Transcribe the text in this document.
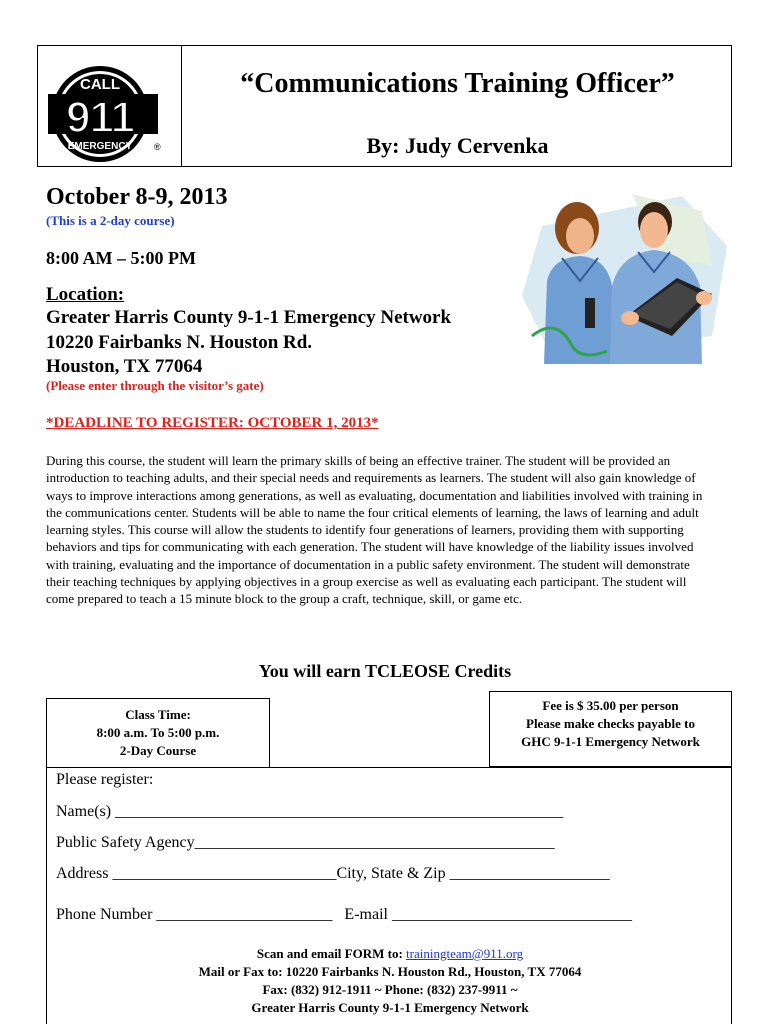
CALL
911
EMERGENCY ®
“Communications Training Officer”
By: Judy Cervenka
October 8-9, 2013
(This is a 2-day course)
8:00 AM – 5:00 PM
Location:
Greater Harris County 9-1-1 Emergency Network
10220 Fairbanks N. Houston Rd.
Houston, TX 77064
(Please enter through the visitor’s gate)
*DEADLINE TO REGISTER: OCTOBER 1, 2013*
During this course, the student will learn the primary skills of being an effective trainer. The student will be provided an introduction to teaching adults, and their special needs and requirements as learners. The student will also gain knowledge of ways to improve interactions among generations, as well as evaluating, documentation and liabilities involved with training in the communications center. Students will be able to name the four critical elements of learning, the laws of learning and adult learning styles. This course will allow the students to identify four generations of learners, providing them with supporting behaviors and tips for communicating with each generation. The student will have knowledge of the liability issues involved with training, evaluating and the importance of documentation in a public safety environment. The student will demonstrate their teaching techniques by applying objectives in a group exercise as well as evaluating each participant. The student will come prepared to teach a 15 minute block to the group a craft, technique, skill, or game etc.
You will earn TCLEOSE Credits
Class Time:
8:00 a.m. To 5:00 p.m.
2-Day Course
Fee is $ 35.00 per person
Please make checks payable to
GHC 9-1-1 Emergency Network
Please register:
Name(s) ________________________________________________________
Public Safety Agency_____________________________________________
Address ____________________________City, State & Zip ____________________
Phone Number ______________________   E-mail ______________________________
Scan and email FORM to: trainingteam@911.org
Mail or Fax to: 10220 Fairbanks N. Houston Rd., Houston, TX 77064
Fax: (832) 912-1911 ~ Phone: (832) 237-9911 ~
Greater Harris County 9-1-1 Emergency Network
